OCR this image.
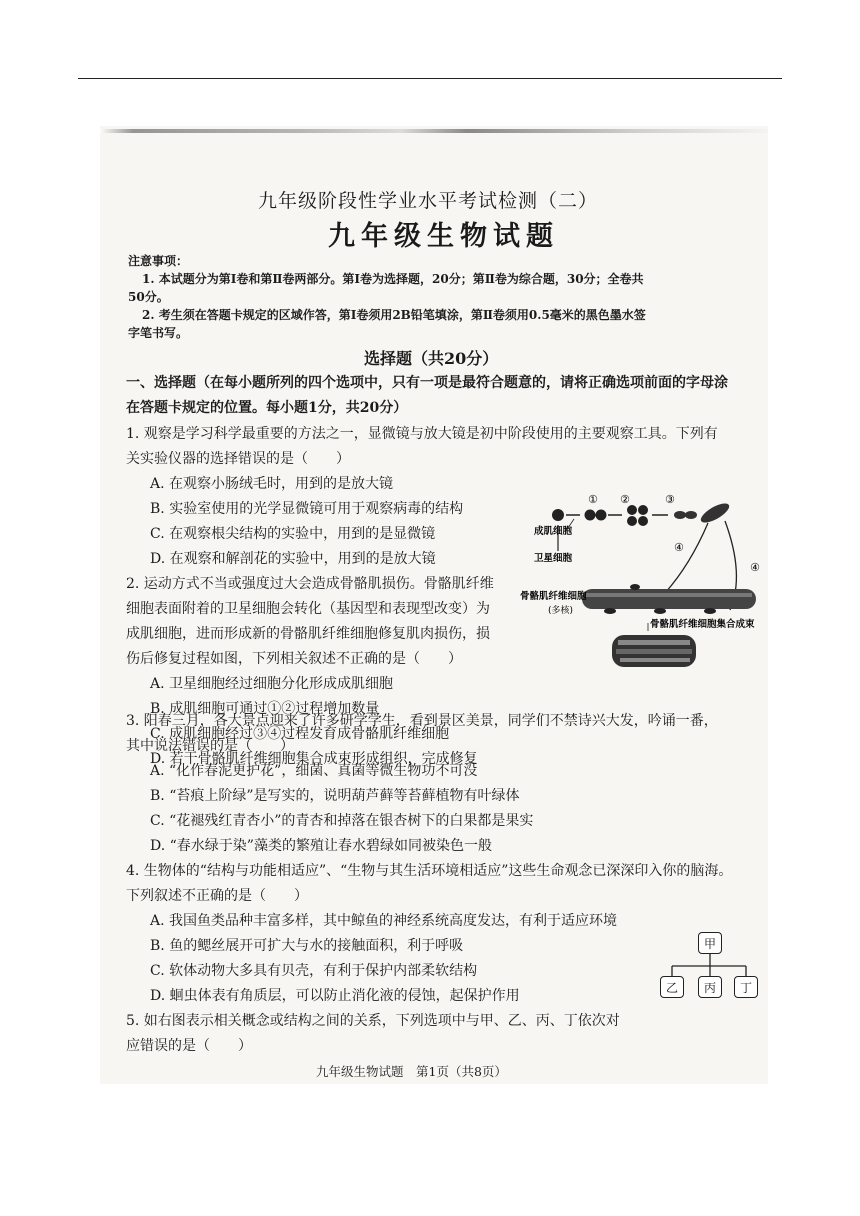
九年级阶段性学业水平考试检测（二）
九年级生物试题
注意事项：
1. 本试题分为第Ⅰ卷和第Ⅱ卷两部分。第Ⅰ卷为选择题，20分；第Ⅱ卷为综合题，30分；全卷共
50分。
2. 考生须在答题卡规定的区域作答，第Ⅰ卷须用2B铅笔填涂，第Ⅱ卷须用0.5毫米的黑色墨水签
字笔书写。
选择题（共20分）
一、选择题（在每小题所列的四个选项中，只有一项是最符合题意的，请将正确选项前面的字母涂
在答题卡规定的位置。每小题1分，共20分）
1. 观察是学习科学最重要的方法之一，显微镜与放大镜是初中阶段使用的主要观察工具。下列有
关实验仪器的选择错误的是（　　）
A. 在观察小肠绒毛时，用到的是放大镜
B. 实验室使用的光学显微镜可用于观察病毒的结构
C. 在观察根尖结构的实验中，用到的是显微镜
D. 在观察和解剖花的实验中，用到的是放大镜
2. 运动方式不当或强度过大会造成骨骼肌损伤。骨骼肌纤维
细胞表面附着的卫星细胞会转化（基因型和表现型改变）为
成肌细胞，进而形成新的骨骼肌纤维细胞修复肌肉损伤，损
伤后修复过程如图，下列相关叙述不正确的是（　　）
A. 卫星细胞经过细胞分化形成成肌细胞
B. 成肌细胞可通过①②过程增加数量
C. 成肌细胞经过③④过程发育成骨骼肌纤维细胞
D. 若干骨骼肌纤维细胞集合成束形成组织，完成修复
① ②	③
④
④
成肌细胞
卫星细胞
骨骼肌纤维细胞
(多核)
骨骼肌纤维细胞集合成束
3. 阳春三月，各大景点迎来了许多研学学生，看到景区美景，同学们不禁诗兴大发，吟诵一番，
其中说法错误的是（　　）
A. “化作春泥更护花”，细菌、真菌等微生物功不可没
B. “苔痕上阶绿”是写实的，说明葫芦藓等苔藓植物有叶绿体
C. “花褪残红青杏小”的青杏和掉落在银杏树下的白果都是果实
D. “春水绿于染”藻类的繁殖让春水碧绿如同被染色一般
4. 生物体的“结构与功能相适应”、“生物与其生活环境相适应”这些生命观念已深深印入你的脑海。
下列叙述不正确的是（　　）
A. 我国鱼类品种丰富多样，其中鲸鱼的神经系统高度发达，有利于适应环境
B. 鱼的鳃丝展开可扩大与水的接触面积，利于呼吸
C. 软体动物大多具有贝壳，有利于保护内部柔软结构
D. 蛔虫体表有角质层，可以防止消化液的侵蚀，起保护作用
5. 如右图表示相关概念或结构之间的关系，下列选项中与甲、乙、丙、丁依次对
应错误的是（　　）
甲
乙	丙	丁
九年级生物试题　第1页（共8页）
